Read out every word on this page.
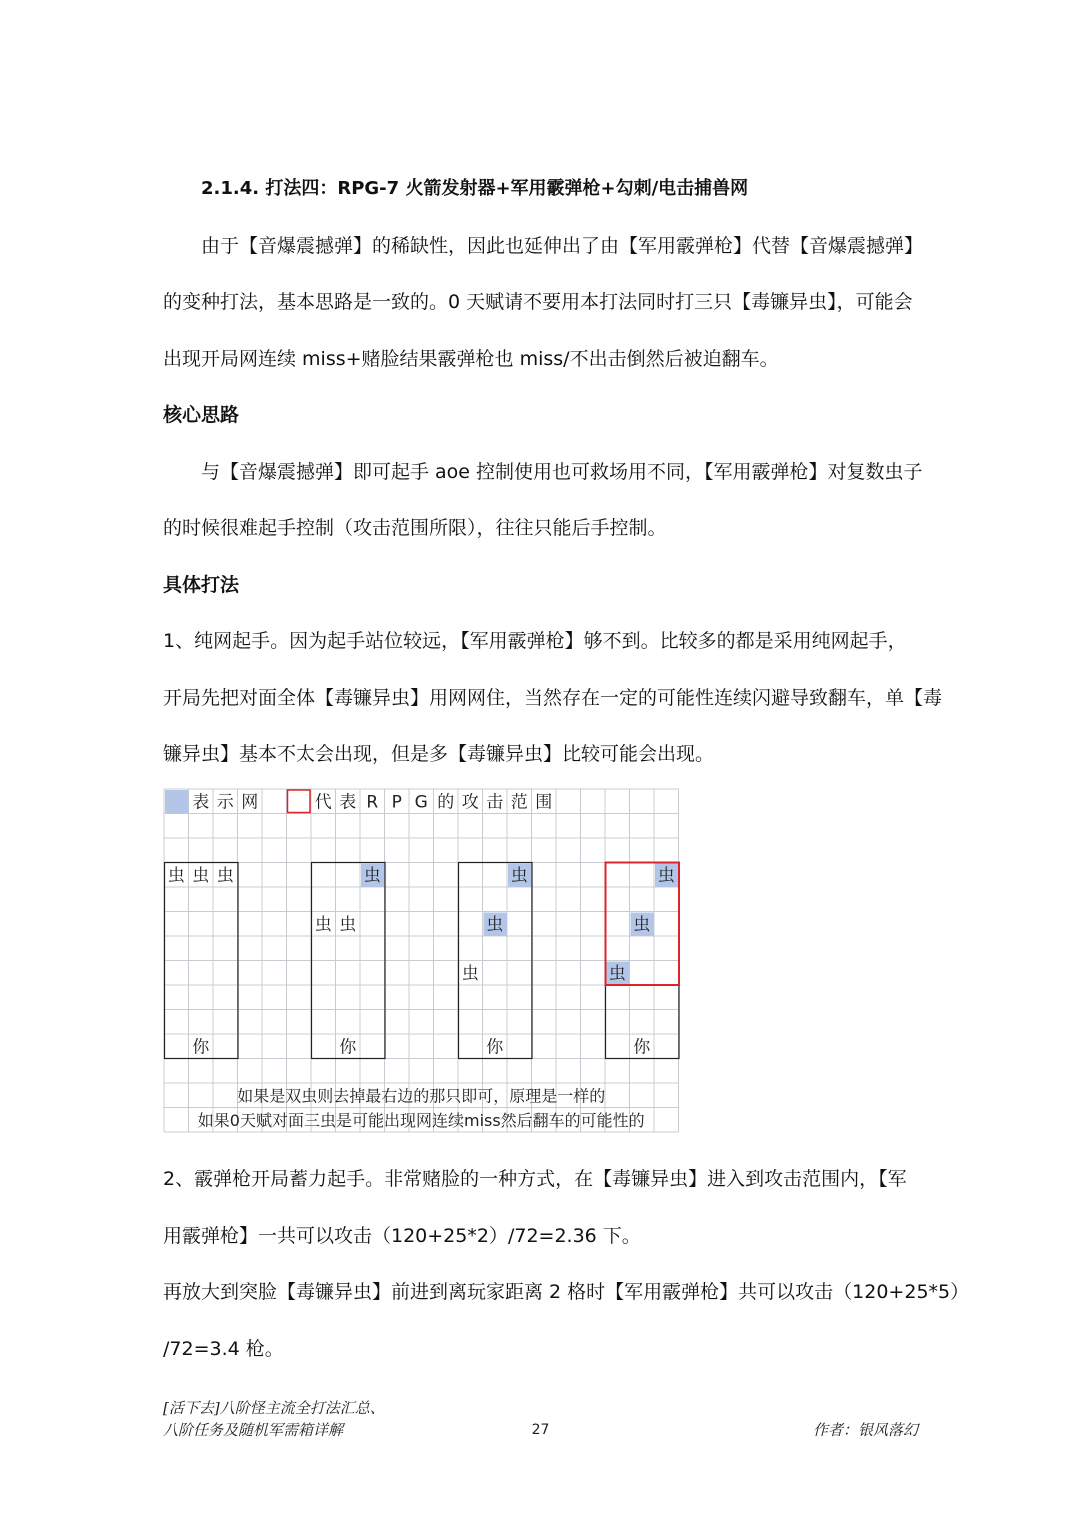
2.1.4. 打法四：RPG-7 火箭发射器+军用霰弹枪+勾刺/电击捕兽网
由于【音爆震撼弹】的稀缺性，因此也延伸出了由【军用霰弹枪】代替【音爆震撼弹】
的变种打法，基本思路是一致的。0 天赋请不要用本打法同时打三只【毒镰异虫】，可能会
出现开局网连续 miss+赌脸结果霰弹枪也 miss/不出击倒然后被迫翻车。
核心思路
与【音爆震撼弹】即可起手 aoe 控制使用也可救场用不同，【军用霰弹枪】对复数虫子
的时候很难起手控制（攻击范围所限），往往只能后手控制。
具体打法
1、纯网起手。因为起手站位较远，【军用霰弹枪】够不到。比较多的都是采用纯网起手，
开局先把对面全体【毒镰异虫】用网网住，当然存在一定的可能性连续闪避导致翻车，单【毒
镰异虫】基本不太会出现，但是多【毒镰异虫】比较可能会出现。
表 示 网	代 表 R P G 的 攻 击 范 围
虫 虫 虫	虫
虫 虫
虫
虫
虫
虫
虫
虫
你	你	你	你
如果是双虫则去掉最右边的那只即可，原理是一样的
如果0天赋对面三虫是可能出现网连续miss然后翻车的可能性的
2、霰弹枪开局蓄力起手。非常赌脸的一种方式，在【毒镰异虫】进入到攻击范围内，【军
用霰弹枪】一共可以攻击（120+25*2）/72=2.36 下。
再放大到突脸【毒镰异虫】前进到离玩家距离 2 格时【军用霰弹枪】共可以攻击（120+25*5）
/72=3.4 枪。
[活下去]八阶怪主流全打法汇总、
八阶任务及随机军需箱详解	27	作者：银风落幻
